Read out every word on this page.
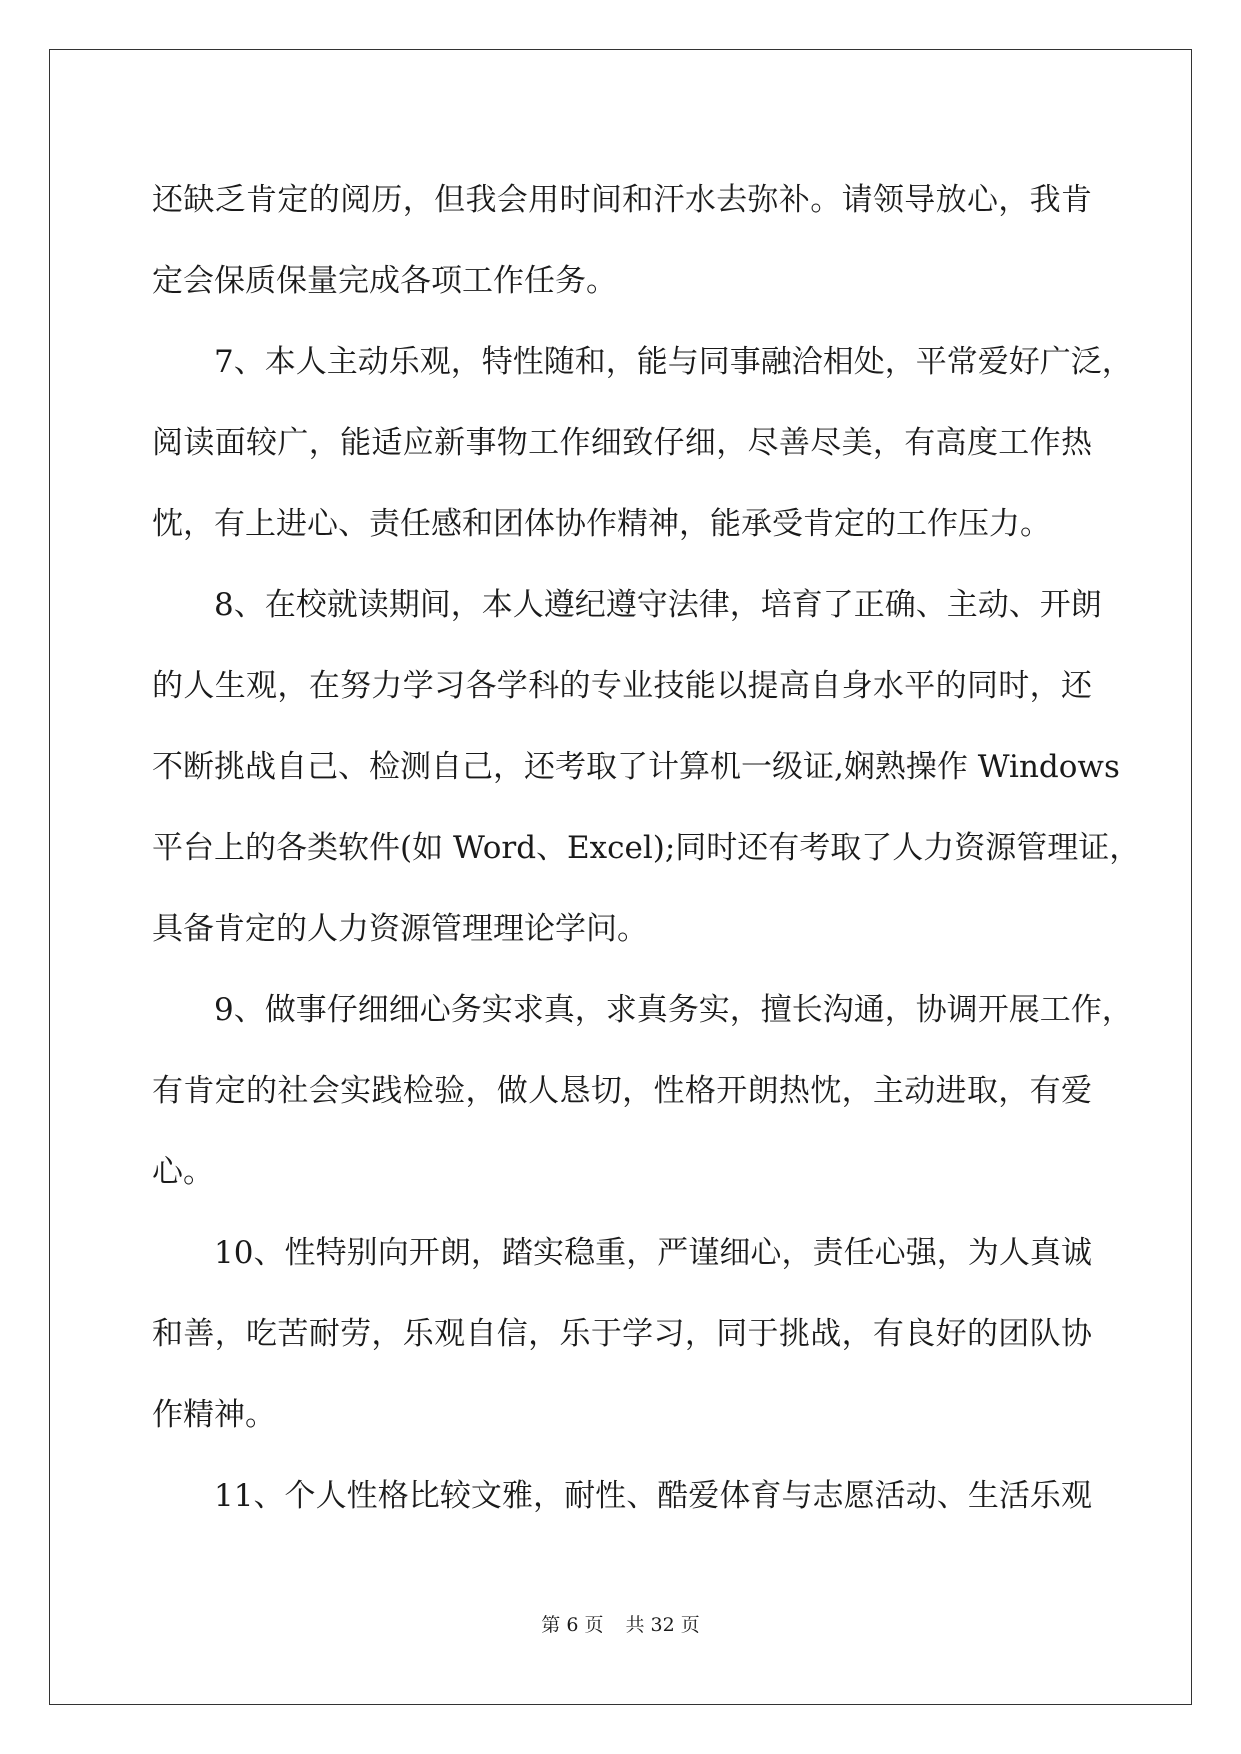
还缺乏肯定的阅历，但我会用时间和汗水去弥补。请领导放心，我肯
定会保质保量完成各项工作任务。
7、本人主动乐观，特性随和，能与同事融洽相处，平常爱好广泛，
阅读面较广，能适应新事物工作细致仔细，尽善尽美，有高度工作热
忱，有上进心、责任感和团体协作精神，能承受肯定的工作压力。
8、在校就读期间，本人遵纪遵守法律，培育了正确、主动、开朗
的人生观，在努力学习各学科的专业技能以提高自身水平的同时，还
不断挑战自己、检测自己，还考取了计算机一级证,娴熟操作 Windows
平台上的各类软件(如 Word、Excel);同时还有考取了人力资源管理证，
具备肯定的人力资源管理理论学问。
9、做事仔细细心务实求真，求真务实，擅长沟通，协调开展工作，
有肯定的社会实践检验，做人恳切，性格开朗热忱，主动进取，有爱
心。
10、性特别向开朗，踏实稳重，严谨细心，责任心强，为人真诚
和善，吃苦耐劳，乐观自信，乐于学习，同于挑战，有良好的团队协
作精神。
11、个人性格比较文雅，耐性、酷爱体育与志愿活动、生活乐观
第 6 页 共 32 页
